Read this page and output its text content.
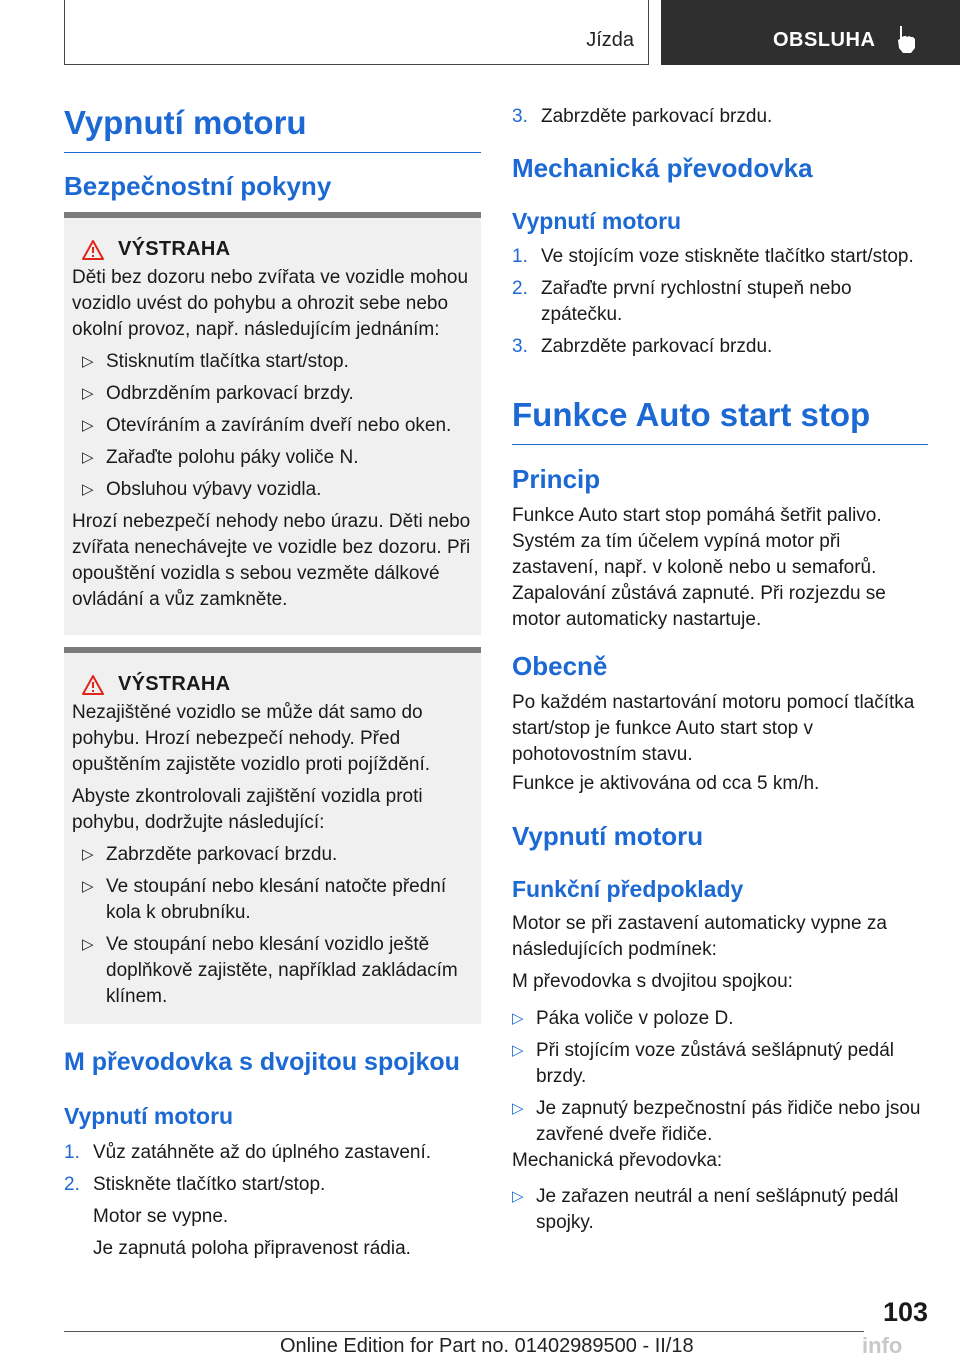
Jízda	OBSLUHA
Vypnutí motoru
Bezpečnostní pokyny
VÝSTRAHA

Děti bez dozoru nebo zvířata ve vozidle mohou vozidlo uvést do pohybu a ohrozit sebe nebo okolní provoz, např. následujícím jednáním:

▷ Stisknutím tlačítka start/stop.
▷ Odbrzděním parkovací brzdy.
▷ Otevíráním a zavíráním dveří nebo oken.
▷ Zařaďte polohu páky voliče N.
▷ Obsluhou výbavy vozidla.

Hrozí nebezpečí nehody nebo úrazu. Děti nebo zvířata nenechávejte ve vozidle bez dozoru. Při opouštění vozidla s sebou vezměte dálkové ovládání a vůz zamkněte.

VÝSTRAHA

Nezajištěné vozidlo se může dát samo do pohybu. Hrozí nebezpečí nehody. Před opuštěním zajistěte vozidlo proti pojíždění.

Abyste zkontrolovali zajištění vozidla proti pohybu, dodržujte následující:

▷ Zabrzděte parkovací brzdu.
▷ Ve stoupání nebo klesání natočte přední kola k obrubníku.
▷ Ve stoupání nebo klesání vozidlo ještě doplňkově zajistěte, například zakládacím klínem.
M převodovka s dvojitou spojkou
Vypnutí motoru
1. Vůz zatáhněte až do úplného zastavení.
2. Stiskněte tlačítko start/stop.

Motor se vypne.

Je zapnutá poloha připravenost rádia.

3. Zabrzděte parkovací brzdu.
Mechanická převodovka
Vypnutí motoru
1. Ve stojícím voze stiskněte tlačítko start/stop.
2. Zařaďte první rychlostní stupeň nebo zpátečku.
3. Zabrzděte parkovací brzdu.
Funkce Auto start stop
Princip

Funkce Auto start stop pomáhá šetřit palivo. Systém za tím účelem vypíná motor při zastavení, např. v koloně nebo u semaforů. Zapalování zůstává zapnuté. Při rozjezdu se motor automaticky nastartuje.

Obecně

Po každém nastartování motoru pomocí tlačítka start/stop je funkce Auto start stop v pohotovostním stavu.

Funkce je aktivována od cca 5 km/h.

Vypnutí motoru
Funkční předpoklady

Motor se při zastavení automaticky vypne za následujících podmínek:

M převodovka s dvojitou spojkou:

▷ Páka voliče v poloze D.
▷ Při stojícím voze zůstává sešlápnutý pedál brzdy.
▷ Je zapnutý bezpečnostní pás řidiče nebo jsou zavřené dveře řidiče.

Mechanická převodovka:

▷ Je zařazen neutrál a není sešlápnutý pedál spojky.
103
Online Edition for Part no. 01402989500 - II/18	info
